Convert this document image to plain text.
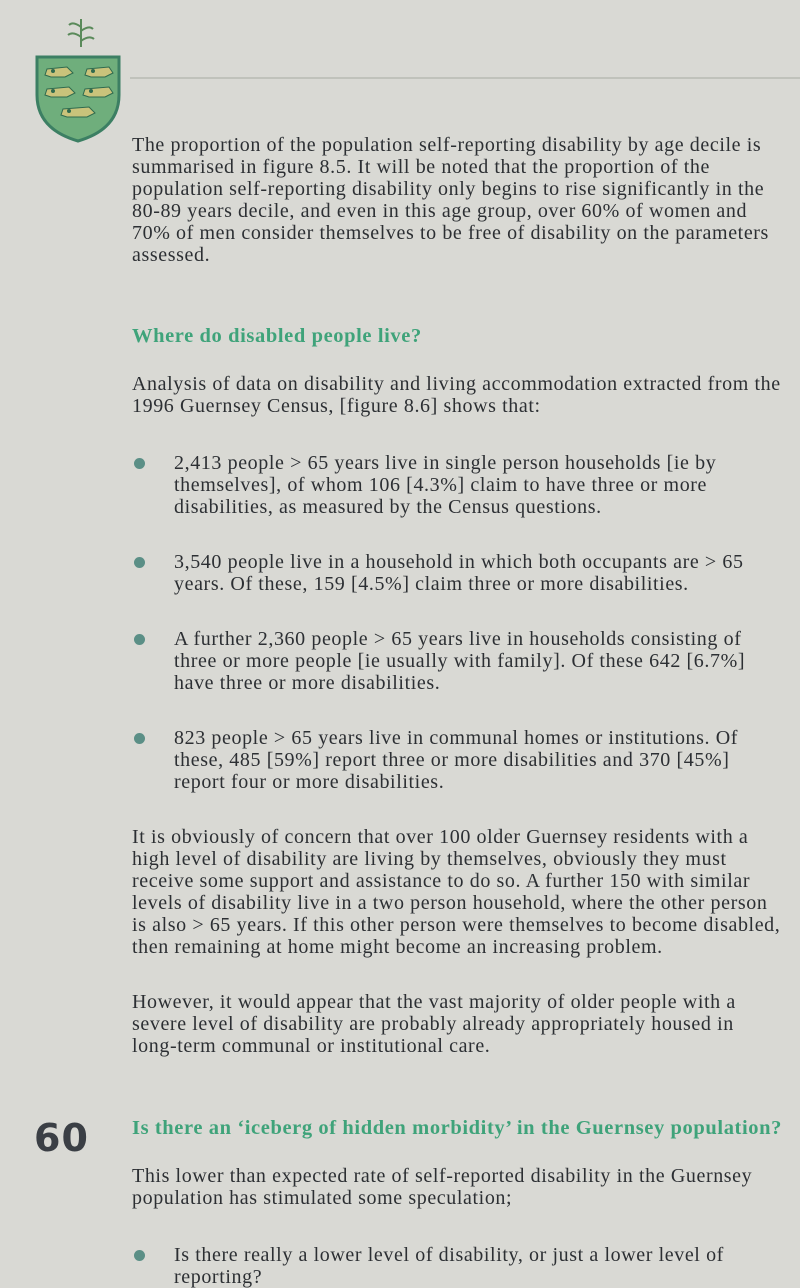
The proportion of the population self-reporting disability by age decile is summarised in figure 8.5. It will be noted that the proportion of the population self-reporting disability only begins to rise significantly in the 80-89 years decile, and even in this age group, over 60% of women and 70% of men consider themselves to be free of disability on the parameters assessed.

Where do disabled people live?

Analysis of data on disability and living accommodation extracted from the 1996 Guernsey Census, [figure 8.6] shows that:

2,413 people > 65 years live in single person households [ie by themselves], of whom 106 [4.3%] claim to have three or more disabilities, as measured by the Census questions.
3,540 people live in a household in which both occupants are > 65 years. Of these, 159 [4.5%] claim three or more disabilities.
A further 2,360 people > 65 years live in households consisting of three or more people [ie usually with family]. Of these 642 [6.7%] have three or more disabilities.
823 people > 65 years live in communal homes or institutions. Of these, 485 [59%] report three or more disabilities and 370 [45%] report four or more disabilities.

It is obviously of concern that over 100 older Guernsey residents with a high level of disability are living by themselves, obviously they must receive some support and assistance to do so. A further 150 with similar levels of disability live in a two person household, where the other person is also > 65 years. If this other person were themselves to become disabled, then remaining at home might become an increasing problem.

However, it would appear that the vast majority of older people with a severe level of disability are probably already appropriately housed in long-term communal or institutional care.

Is there an ‘iceberg of hidden morbidity’ in the Guernsey population?

This lower than expected rate of self-reported disability in the Guernsey population has stimulated some speculation;

Is there really a lower level of disability, or just a lower level of reporting?
60
